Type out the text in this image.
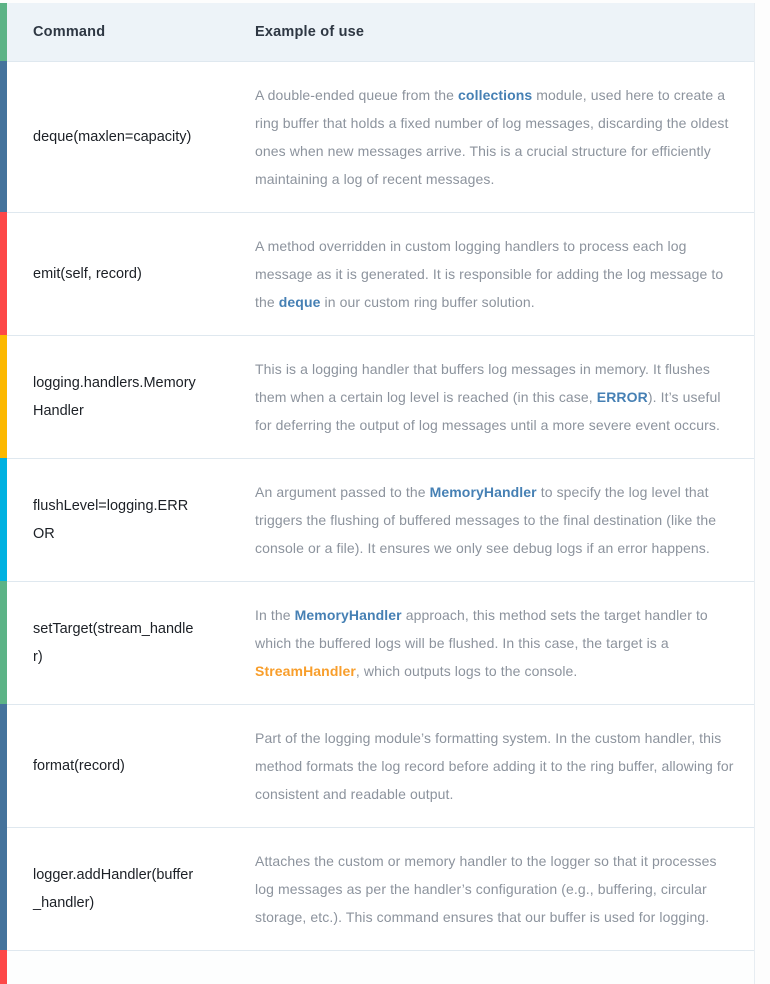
Command	Example of use
deque(maxlen=capacity)
A double-ended queue from the collections module, used here to create a ring buffer that holds a fixed number of log messages, discarding the oldest ones when new messages arrive. This is a crucial structure for efficiently maintaining a log of recent messages.
emit(self, record)
A method overridden in custom logging handlers to process each log message as it is generated. It is responsible for adding the log message to the deque in our custom ring buffer solution.
logging.handlers.MemoryHandler
This is a logging handler that buffers log messages in memory. It flushes them when a certain log level is reached (in this case, ERROR). It’s useful for deferring the output of log messages until a more severe event occurs.
flushLevel=logging.ERROR
An argument passed to the MemoryHandler to specify the log level that triggers the flushing of buffered messages to the final destination (like the console or a file). It ensures we only see debug logs if an error happens.
setTarget(stream_handler)
In the MemoryHandler approach, this method sets the target handler to which the buffered logs will be flushed. In this case, the target is a StreamHandler, which outputs logs to the console.
format(record)
Part of the logging module’s formatting system. In the custom handler, this method formats the log record before adding it to the ring buffer, allowing for consistent and readable output.
logger.addHandler(buffer_handler)
Attaches the custom or memory handler to the logger so that it processes log messages as per the handler’s configuration (e.g., buffering, circular storage, etc.). This command ensures that our buffer is used for logging.
